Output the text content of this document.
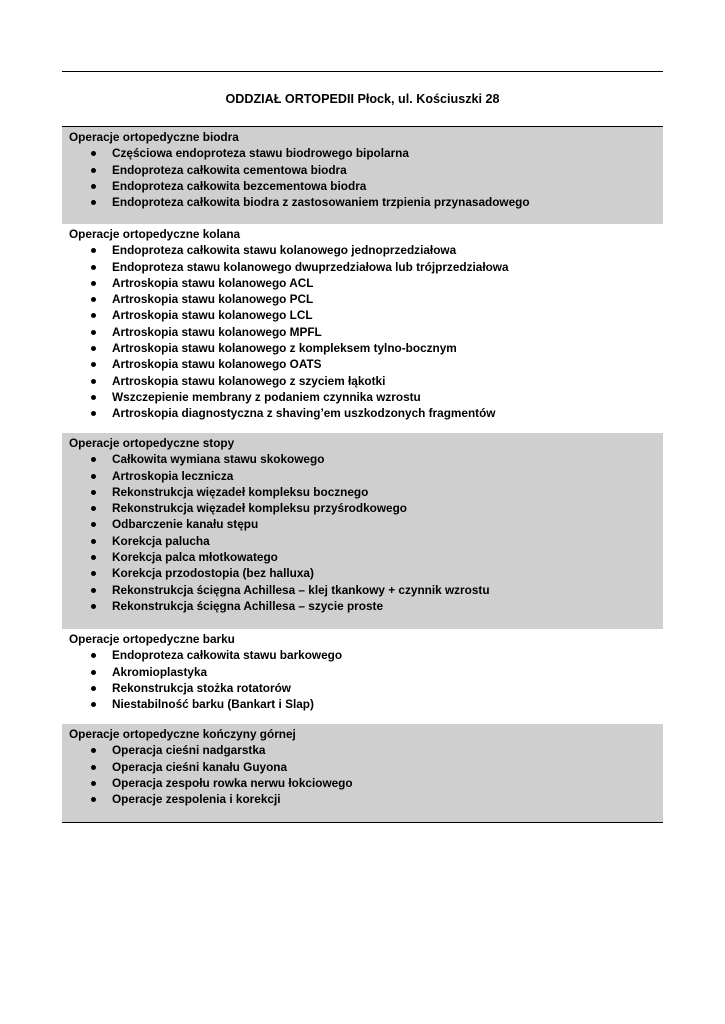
ODDZIAŁ ORTOPEDII Płock, ul. Kościuszki 28
Operacje ortopedyczne biodra
Częściowa endoproteza stawu biodrowego bipolarna
Endoproteza całkowita cementowa biodra
Endoproteza całkowita bezcementowa biodra
Endoproteza całkowita biodra z zastosowaniem trzpienia przynasadowego
Operacje ortopedyczne kolana
Endoproteza całkowita stawu kolanowego jednoprzedziałowa
Endoproteza stawu kolanowego dwuprzedziałowa lub trójprzedziałowa
Artroskopia stawu kolanowego ACL
Artroskopia stawu kolanowego PCL
Artroskopia stawu kolanowego LCL
Artroskopia stawu kolanowego MPFL
Artroskopia stawu kolanowego z kompleksem tylno-bocznym
Artroskopia stawu kolanowego OATS
Artroskopia stawu kolanowego z szyciem łąkotki
Wszczepienie membrany z podaniem czynnika wzrostu
Artroskopia diagnostyczna z shaving’em uszkodzonych fragmentów
Operacje ortopedyczne stopy
Całkowita wymiana stawu skokowego
Artroskopia lecznicza
Rekonstrukcja więzadeł kompleksu bocznego
Rekonstrukcja więzadeł kompleksu przyśrodkowego
Odbarczenie kanału stępu
Korekcja palucha
Korekcja palca młotkowatego
Korekcja przodostopia (bez halluxa)
Rekonstrukcja ścięgna Achillesa – klej tkankowy + czynnik wzrostu
Rekonstrukcja ścięgna Achillesa – szycie proste
Operacje ortopedyczne barku
Endoproteza całkowita stawu barkowego
Akromioplastyka
Rekonstrukcja stożka rotatorów
Niestabilność barku (Bankart i Slap)
Operacje ortopedyczne kończyny górnej
Operacja cieśni nadgarstka
Operacja cieśni kanału Guyona
Operacja zespołu rowka nerwu łokciowego
Operacje zespolenia i korekcji
